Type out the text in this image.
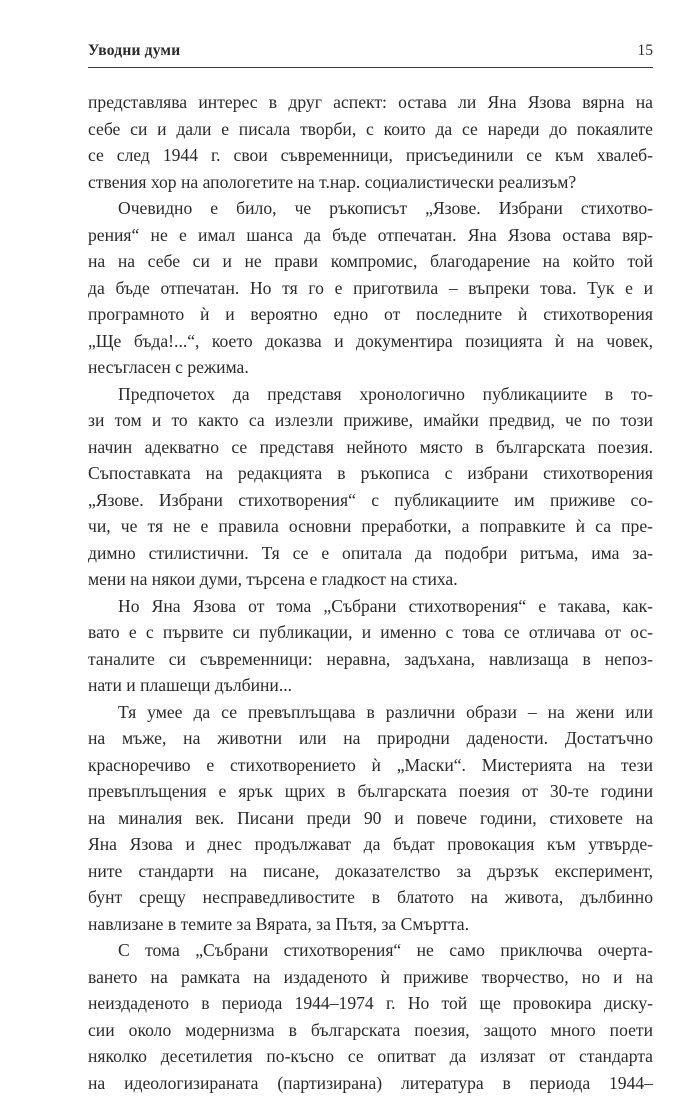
Уводни думи	15
представлява интерес в друг аспект: остава ли Яна Язова вярна на
себе си и дали е писала творби, с които да се нареди до покаялите
се след 1944 г. свои съвременници, присъединили се към хвалеб-
ствения хор на апологетите на т.нар. социалистически реализъм?
Очевидно е било, че ръкописът „Язове. Избрани стихотво-
рения“ не е имал шанса да бъде отпечатан. Яна Язова остава вяр-
на на себе си и не прави компромис, благодарение на който той
да бъде отпечатан. Но тя го е приготвила – въпреки това. Тук е и
програмното ѝ и вероятно едно от последните ѝ стихотворения
„Ще бъда!...“, което доказва и документира позицията ѝ на човек,
несъгласен с режима.
Предпочетох да представя хронологично публикациите в то-
зи том и то както са излезли приживе, имайки предвид, че по този
начин адекватно се представя нейното място в българската поезия.
Съпоставката на редакцията в ръкописа с избрани стихотворения
„Язове. Избрани стихотворения“ с публикациите им приживе со-
чи, че тя не е правила основни преработки, а поправките ѝ са пре-
димно стилистични. Тя се е опитала да подобри ритъма, има за-
мени на някои думи, търсена е гладкост на стиха.
Но Яна Язова от тома „Събрани стихотворения“ е такава, как-
вато е с първите си публикации, и именно с това се отличава от ос-
таналите си съвременници: неравна, задъхана, навлизаща в непоз-
нати и плашещи дълбини...
Тя умее да се превъплъщава в различни образи – на жени или
на мъже, на животни или на природни дадености. Достатъчно
красноречиво е стихотворението ѝ „Маски“. Мистерията на тези
превъплъщения е ярък щрих в българската поезия от 30-те години
на миналия век. Писани преди 90 и повече години, стиховете на
Яна Язова и днес продължават да бъдат провокация към утвърде-
ните стандарти на писане, доказателство за дързък експеримент,
бунт срещу несправедливостите в блатото на живота, дълбинно
навлизане в темите за Вярата, за Пътя, за Смъртта.
С тома „Събрани стихотворения“ не само приключва очерта-
ването на рамката на издаденото ѝ приживе творчество, но и на
неиздаденото в периода 1944–1974 г. Но той ще провокира диску-
сии около модернизма в българската поезия, защото много поети
няколко десетилетия по-късно се опитват да излязат от стандарта
на идеологизираната (партизирана) литература в периода 1944–
